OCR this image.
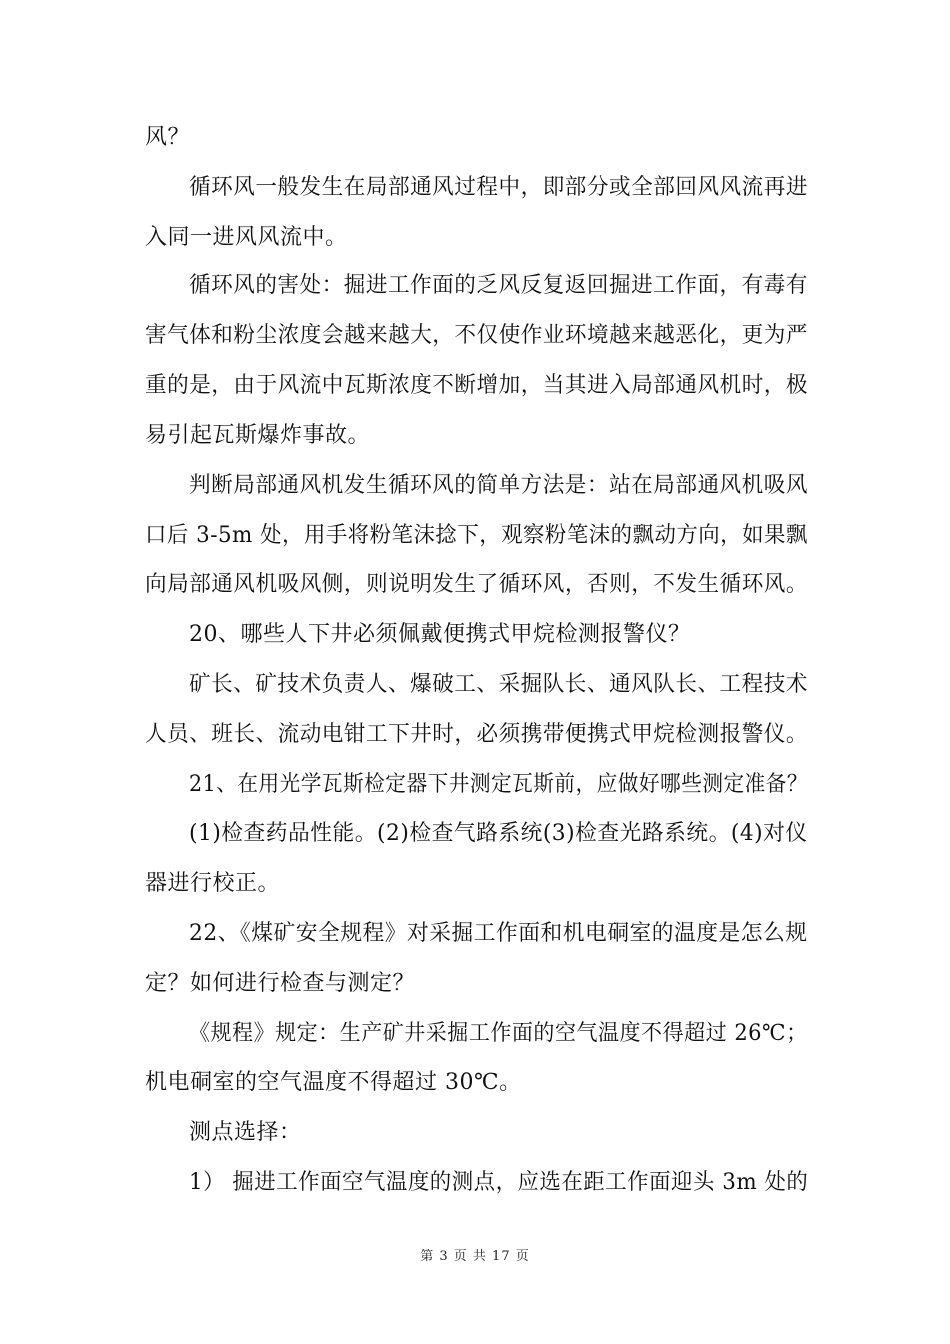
风？
循环风一般发生在局部通风过程中，即部分或全部回风风流再进
入同一进风风流中。
循环风的害处：掘进工作面的乏风反复返回掘进工作面，有毒有
害气体和粉尘浓度会越来越大，不仅使作业环境越来越恶化，更为严
重的是，由于风流中瓦斯浓度不断增加，当其进入局部通风机时，极
易引起瓦斯爆炸事故。
判断局部通风机发生循环风的简单方法是：站在局部通风机吸风
口后 3-5m 处，用手将粉笔沫捻下，观察粉笔沫的飘动方向，如果飘
向局部通风机吸风侧，则说明发生了循环风，否则，不发生循环风。
20、哪些人下井必须佩戴便携式甲烷检测报警仪？
矿长、矿技术负责人、爆破工、采掘队长、通风队长、工程技术
人员、班长、流动电钳工下井时，必须携带便携式甲烷检测报警仪。
21、在用光学瓦斯检定器下井测定瓦斯前，应做好哪些测定准备？
(1)检查药品性能。(2)检查气路系统(3)检查光路系统。(4)对仪
器进行校正。
22、《煤矿安全规程》对采掘工作面和机电硐室的温度是怎么规
定？如何进行检查与测定？
《规程》规定：生产矿井采掘工作面的空气温度不得超过 26℃；
机电硐室的空气温度不得超过 30℃。
测点选择：
1） 掘进工作面空气温度的测点，应选在距工作面迎头 3m 处的
第 3 页 共 17 页
